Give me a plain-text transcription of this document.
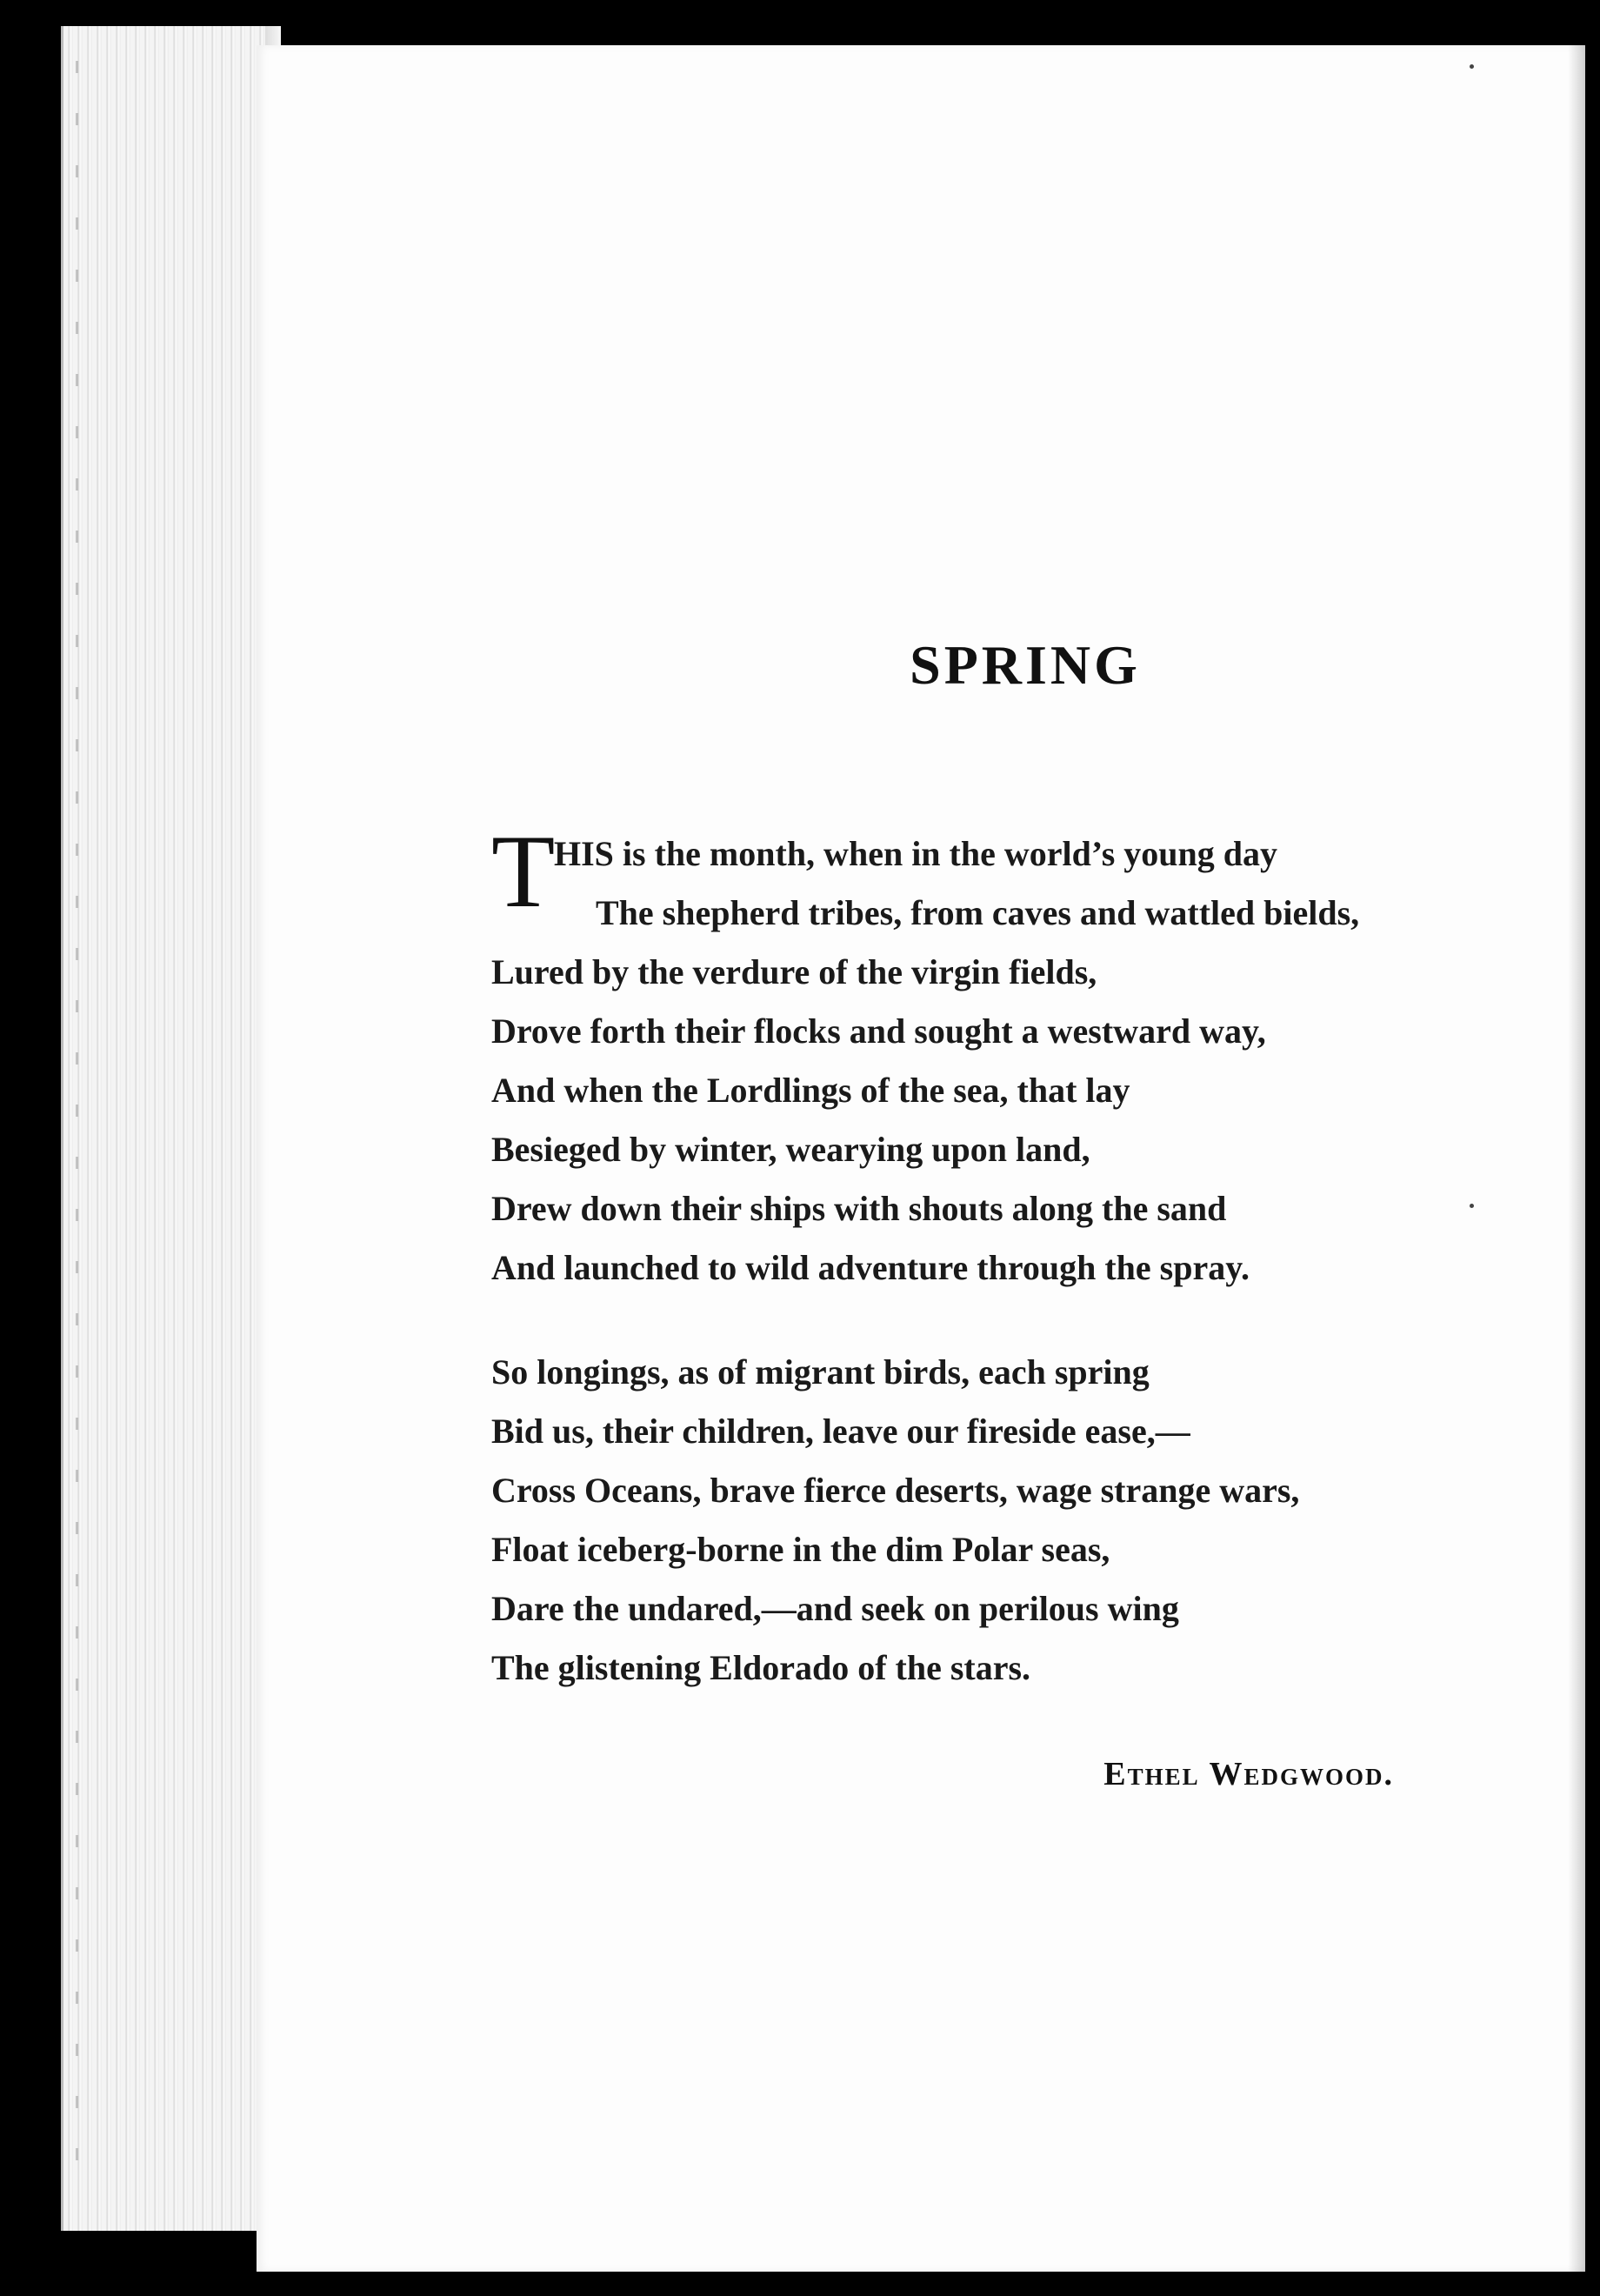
SPRING
T
HIS is the month, when in the world’s young day
The shepherd tribes, from caves and wattled bields,
Lured by the verdure of the virgin fields,
Drove forth their flocks and sought a westward way,
And when the Lordlings of the sea, that lay
Besieged by winter, wearying upon land,
Drew down their ships with shouts along the sand
And launched to wild adventure through the spray.
So longings, as of migrant birds, each spring
Bid us, their children, leave our fireside ease,—
Cross Oceans, brave fierce deserts, wage strange wars,
Float iceberg-borne in the dim Polar seas,
Dare the undared,—and seek on perilous wing
The glistening Eldorado of the stars.
Ethel Wedgwood.
